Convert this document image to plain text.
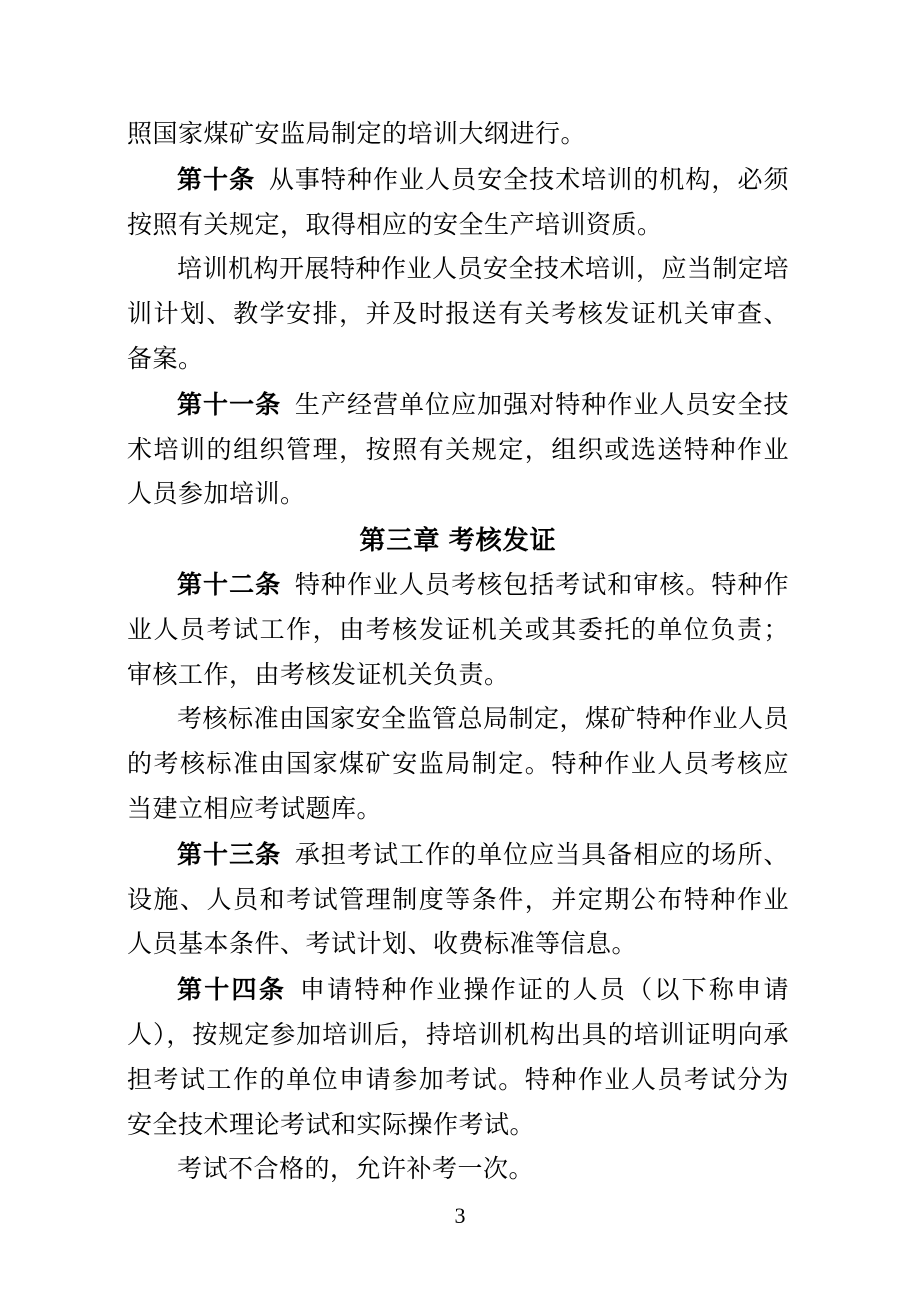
照国家煤矿安监局制定的培训大纲进行。

第十条 从事特种作业人员安全技术培训的机构，必须按照有关规定，取得相应的安全生产培训资质。

培训机构开展特种作业人员安全技术培训，应当制定培训计划、教学安排，并及时报送有关考核发证机关审查、备案。

第十一条 生产经营单位应加强对特种作业人员安全技术培训的组织管理，按照有关规定，组织或选送特种作业人员参加培训。

第三章 考核发证

第十二条 特种作业人员考核包括考试和审核。特种作业人员考试工作，由考核发证机关或其委托的单位负责；审核工作，由考核发证机关负责。

考核标准由国家安全监管总局制定，煤矿特种作业人员的考核标准由国家煤矿安监局制定。特种作业人员考核应当建立相应考试题库。

第十三条 承担考试工作的单位应当具备相应的场所、设施、人员和考试管理制度等条件，并定期公布特种作业人员基本条件、考试计划、收费标准等信息。

第十四条 申请特种作业操作证的人员（以下称申请人），按规定参加培训后，持培训机构出具的培训证明向承担考试工作的单位申请参加考试。特种作业人员考试分为安全技术理论考试和实际操作考试。

考试不合格的，允许补考一次。

3
